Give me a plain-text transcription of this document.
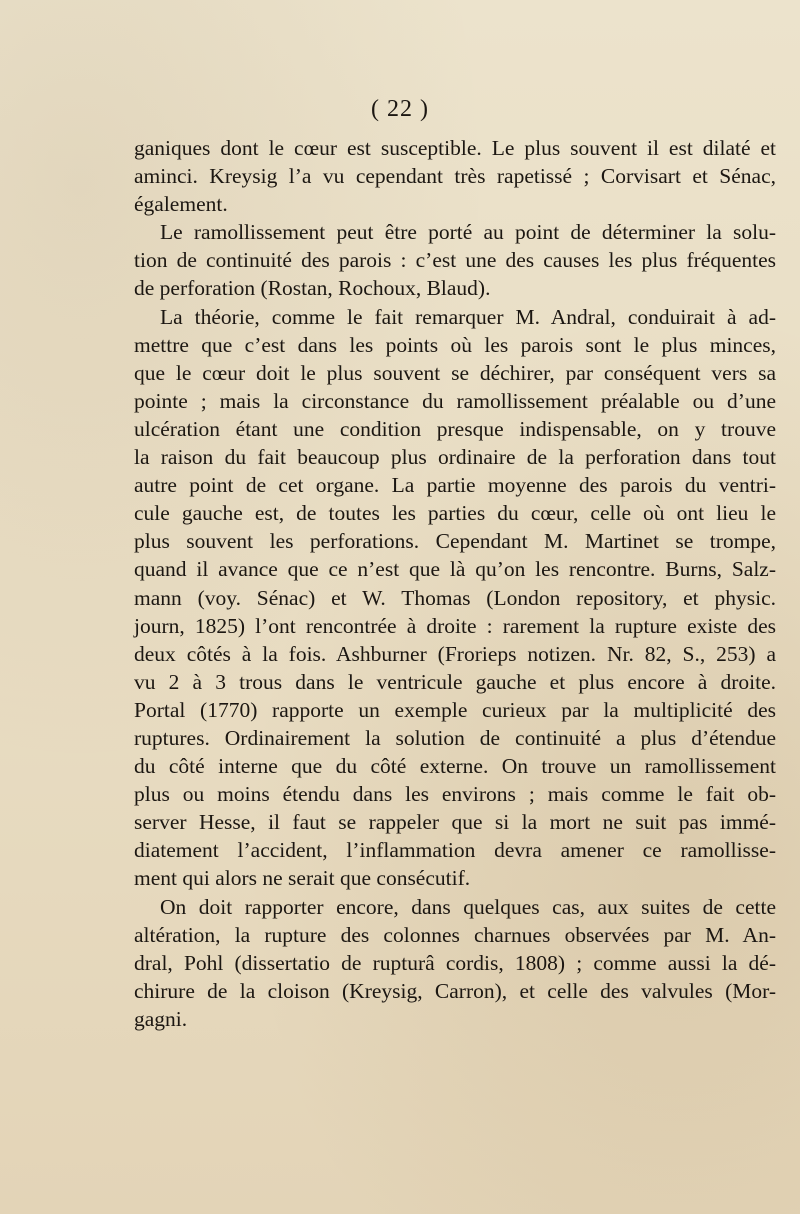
( 22 )

ganiques dont le cœur est susceptible. Le plus souvent il est dilaté et
aminci. Kreysig l’a vu cependant très rapetissé ; Corvisart et Sénac,
également.

Le ramollissement peut être porté au point de déterminer la solu-
tion de continuité des parois : c’est une des causes les plus fréquentes
de perforation (Rostan, Rochoux, Blaud).

La théorie, comme le fait remarquer M. Andral, conduirait à ad-
mettre que c’est dans les points où les parois sont le plus minces,
que le cœur doit le plus souvent se déchirer, par conséquent vers sa
pointe ; mais la circonstance du ramollissement préalable ou d’une
ulcération étant une condition presque indispensable, on y trouve
la raison du fait beaucoup plus ordinaire de la perforation dans tout
autre point de cet organe. La partie moyenne des parois du ventri-
cule gauche est, de toutes les parties du cœur, celle où ont lieu le
plus souvent les perforations. Cependant M. Martinet se trompe,
quand il avance que ce n’est que là qu’on les rencontre. Burns, Salz-
mann (voy. Sénac) et W. Thomas (London repository, et physic.
journ, 1825) l’ont rencontrée à droite : rarement la rupture existe des
deux côtés à la fois. Ashburner (Frorieps notizen. Nr. 82, S., 253) a
vu 2 à 3 trous dans le ventricule gauche et plus encore à droite.
Portal (1770) rapporte un exemple curieux par la multiplicité des
ruptures. Ordinairement la solution de continuité a plus d’étendue
du côté interne que du côté externe. On trouve un ramollissement
plus ou moins étendu dans les environs ; mais comme le fait ob-
server Hesse, il faut se rappeler que si la mort ne suit pas immé-
diatement l’accident, l’inflammation devra amener ce ramollisse-
ment qui alors ne serait que consécutif.

On doit rapporter encore, dans quelques cas, aux suites de cette
altération, la rupture des colonnes charnues observées par M. An-
dral, Pohl (dissertatio de rupturâ cordis, 1808) ; comme aussi la dé-
chirure de la cloison (Kreysig, Carron), et celle des valvules (Mor-
gagni.
